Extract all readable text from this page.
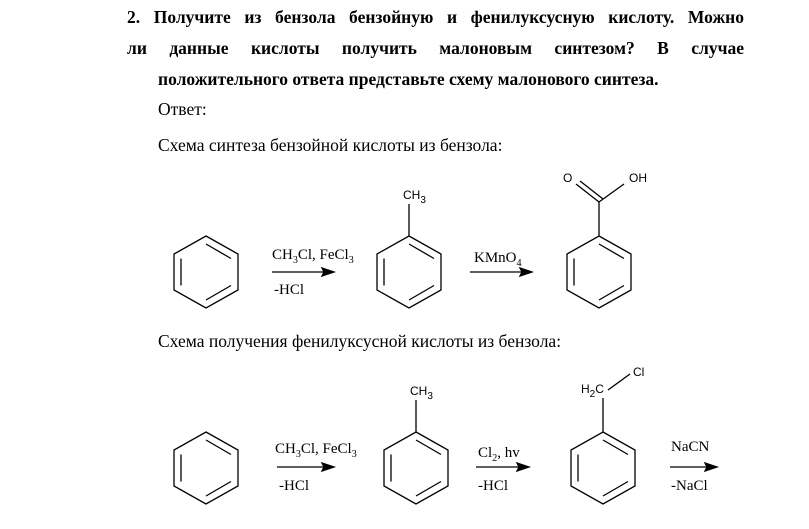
2. Получите из бензола бензойную и фенилуксусную кислоту. Можно
ли данные кислоты получить малоновым синтезом? В случае
положительного ответа представьте схему малонового синтеза.
Ответ:
Схема синтеза бензойной кислоты из бензола:
Схема получения фенилуксусной кислоты из бензола:
$CH_3Cl$, FeCl$_3$
-HCl
$CH_3$
KMnO$_4$
O	OH
$CH_3Cl$, FeCl$_3$
-HCl
$CH_3$
$Cl_2$, hv
-HCl
$H_2C$
Cl
NaCN
-NaCl
